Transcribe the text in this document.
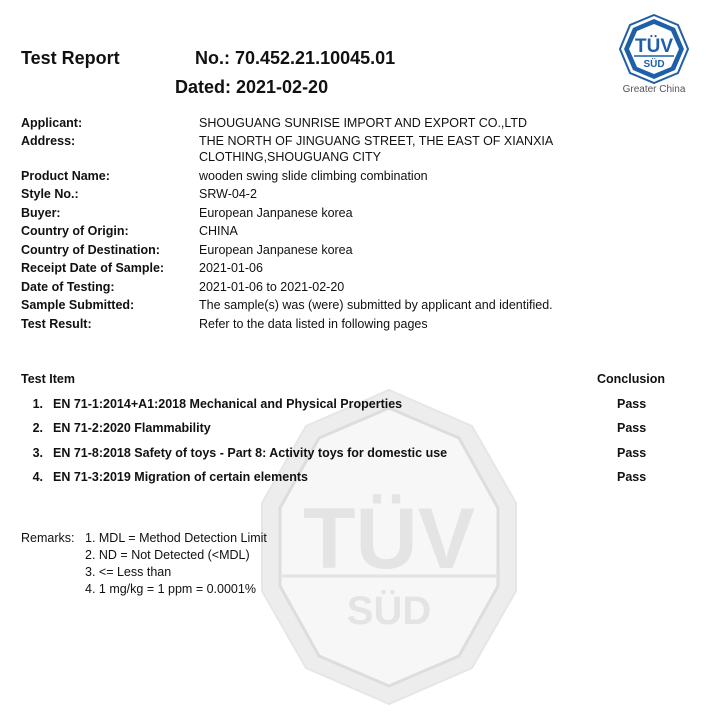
TÜV
SÜD
TÜV
SÜD
Greater China
Test Report	No.: 70.452.21.10045.01
Dated: 2021-02-20
Applicant:	SHOUGUANG SUNRISE IMPORT AND EXPORT CO.,LTD
Address:	THE NORTH OF JINGUANG STREET, THE EAST OF XIANXIA
CLOTHING,SHOUGUANG CITY
Product Name:	wooden swing slide climbing combination
Style No.:	SRW-04-2
Buyer:	European Janpanese korea
Country of Origin:	CHINA
Country of Destination:	European Janpanese korea
Receipt Date of Sample:	2021-01-06
Date of Testing:	2021-01-06 to 2021-02-20
Sample Submitted:	The sample(s) was (were) submitted by applicant and identified.
Test Result:	Refer to the data listed in following pages
Test Item	Conclusion
1. EN 71-1:2014+A1:2018 Mechanical and Physical Properties	Pass
2. EN 71-2:2020 Flammability	Pass
3. EN 71-8:2018 Safety of toys - Part 8: Activity toys for domestic use	Pass
4. EN 71-3:2019 Migration of certain elements	Pass
Remarks: 1. MDL = Method Detection Limit
2. ND = Not Detected (<MDL)
3. <= Less than
4. 1 mg/kg = 1 ppm = 0.0001%
